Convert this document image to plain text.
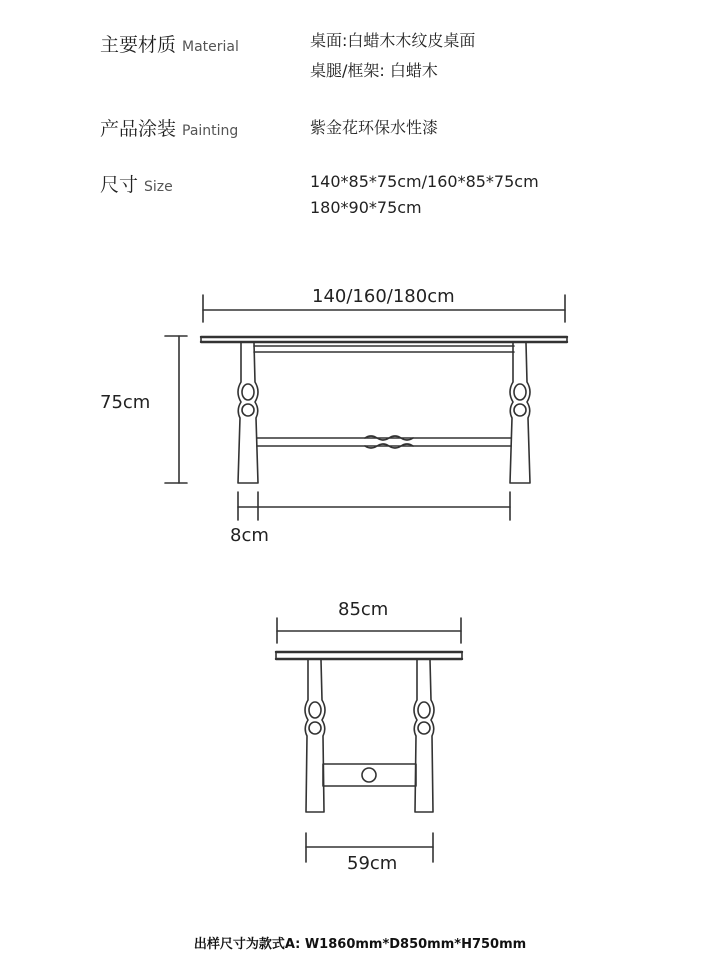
主要材质 Material	桌面:白蜡木木纹皮桌面
桌腿/框架: 白蜡木
产品涂装 Painting	紫金花环保水性漆
尺寸 Size	140*85*75cm/160*85*75cm
180*90*75cm
140/160/180cm
75cm
8cm
85cm
59cm
出样尺寸为款式A: W1860mm*D850mm*H750mm
